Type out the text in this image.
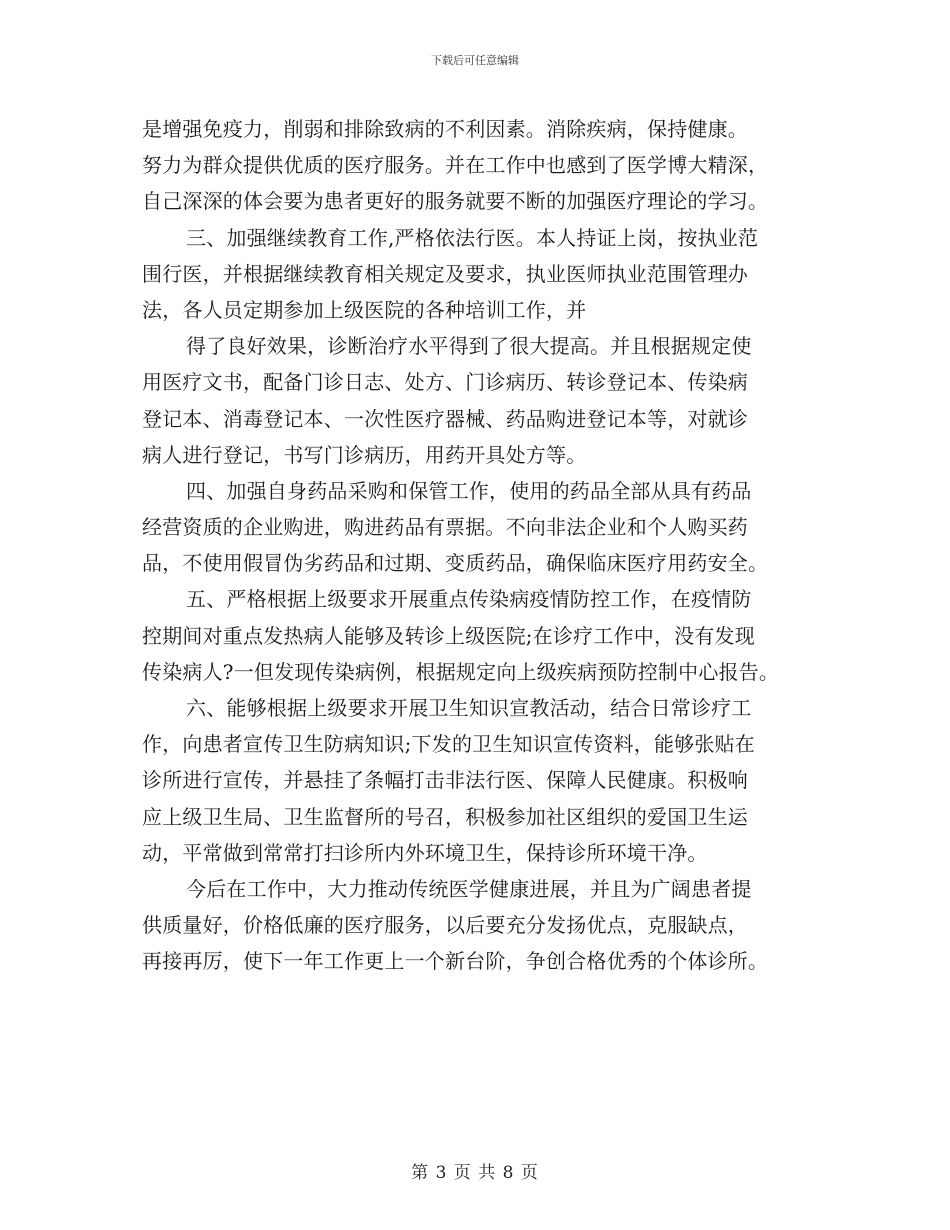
下载后可任意编辑
是增强免疫力，削弱和排除致病的不利因素。消除疾病，保持健康。
努力为群众提供优质的医疗服务。并在工作中也感到了医学博大精深，
自己深深的体会要为患者更好的服务就要不断的加强医疗理论的学习。
三、加强继续教育工作,严格依法行医。本人持证上岗，按执业范
围行医，并根据继续教育相关规定及要求，执业医师执业范围管理办
法，各人员定期参加上级医院的各种培训工作，并
得了良好效果，诊断治疗水平得到了很大提高。并且根据规定使
用医疗文书，配备门诊日志、处方、门诊病历、转诊登记本、传染病
登记本、消毒登记本、一次性医疗器械、药品购进登记本等，对就诊
病人进行登记，书写门诊病历，用药开具处方等。
四、加强自身药品采购和保管工作，使用的药品全部从具有药品
经营资质的企业购进，购进药品有票据。不向非法企业和个人购买药
品，不使用假冒伪劣药品和过期、变质药品，确保临床医疗用药安全。
五、严格根据上级要求开展重点传染病疫情防控工作，在疫情防
控期间对重点发热病人能够及转诊上级医院;在诊疗工作中，没有发现
传染病人?一但发现传染病例，根据规定向上级疾病预防控制中心报告。
六、能够根据上级要求开展卫生知识宣教活动，结合日常诊疗工
作，向患者宣传卫生防病知识;下发的卫生知识宣传资料，能够张贴在
诊所进行宣传，并悬挂了条幅打击非法行医、保障人民健康。积极响
应上级卫生局、卫生监督所的号召，积极参加社区组织的爱国卫生运
动，平常做到常常打扫诊所内外环境卫生，保持诊所环境干净。
今后在工作中，大力推动传统医学健康进展，并且为广阔患者提
供质量好，价格低廉的医疗服务，以后要充分发扬优点，克服缺点，
再接再厉，使下一年工作更上一个新台阶，争创合格优秀的个体诊所。
第 3 页 共 8 页
